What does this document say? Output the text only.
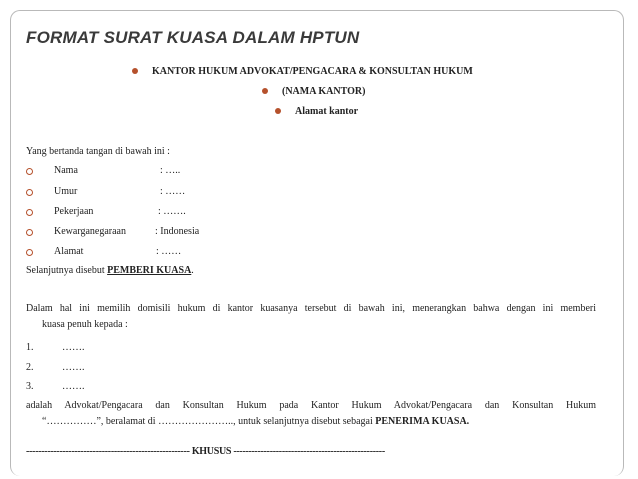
FORMAT SURAT KUASA DALAM HPTUN
KANTOR HUKUM ADVOKAT/PENGACARA & KONSULTAN HUKUM
(NAMA KANTOR)
Alamat kantor
Yang bertanda tangan di bawah ini :
Nama	: …..
Umur	: ……
Pekerjaan	: …….
Kewarganegaraan	: Indonesia
Alamat	: ……
Selanjutnya disebut PEMBERI KUASA.
Dalam hal ini memilih domisili hukum di kantor kuasanya tersebut di bawah ini, menerangkan bahwa dengan ini memberi
kuasa penuh kepada :
1.	…….
2.	…….
3.	…….
adalah Advokat/Pengacara dan Konsultan Hukum pada Kantor Hukum Advokat/Pengacara dan Konsultan Hukum
“……………”, beralamat di ………………….., untuk selanjutnya disebut sebagai PENERIMA KUASA.
------------------------------------------------------ KHUSUS --------------------------------------------------
